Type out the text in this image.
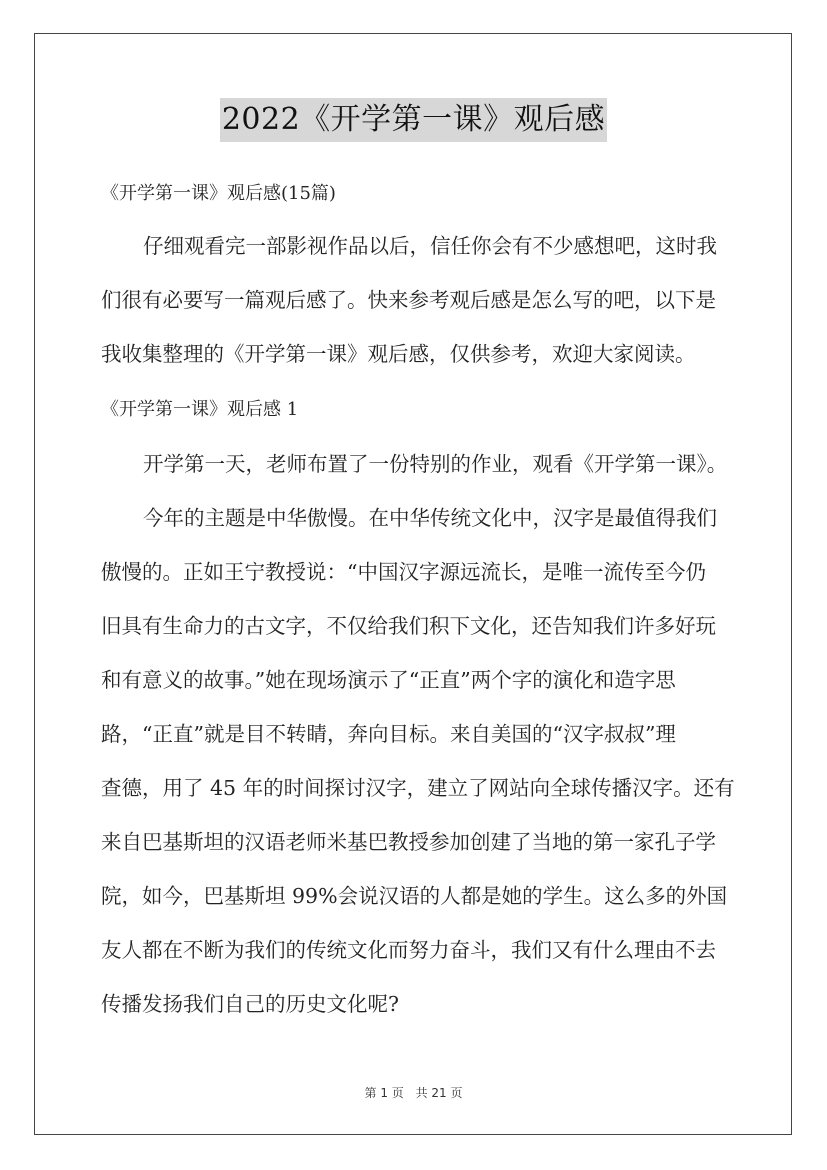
2022《开学第一课》观后感
《开学第一课》观后感(15篇)
仔细观看完一部影视作品以后，信任你会有不少感想吧，这时我
们很有必要写一篇观后感了。快来参考观后感是怎么写的吧，以下是
我收集整理的《开学第一课》观后感，仅供参考，欢迎大家阅读。
《开学第一课》观后感 1
开学第一天，老师布置了一份特别的作业，观看《开学第一课》。
今年的主题是中华傲慢。在中华传统文化中，汉字是最值得我们
傲慢的。正如王宁教授说：“中国汉字源远流长，是唯一流传至今仍
旧具有生命力的古文字，不仅给我们积下文化，还告知我们许多好玩
和有意义的故事。”她在现场演示了“正直”两个字的演化和造字思
路，“正直”就是目不转睛，奔向目标。来自美国的“汉字叔叔”理
查德，用了 45 年的时间探讨汉字，建立了网站向全球传播汉字。还有
来自巴基斯坦的汉语老师米基巴教授参加创建了当地的第一家孔子学
院，如今，巴基斯坦 99%会说汉语的人都是她的学生。这么多的外国
友人都在不断为我们的传统文化而努力奋斗，我们又有什么理由不去
传播发扬我们自己的历史文化呢?
第 1 页 共 21 页
